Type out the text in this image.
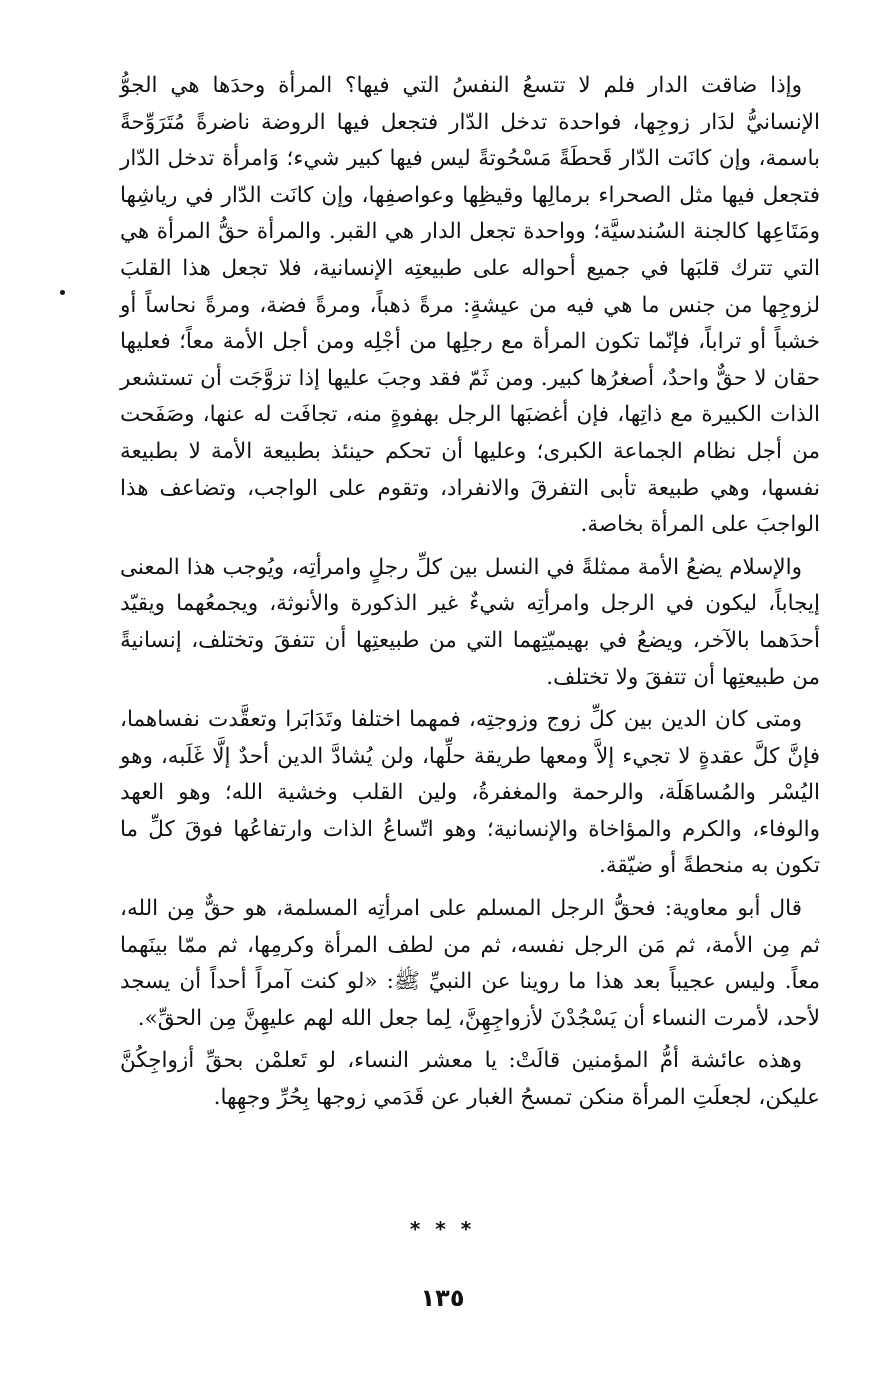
وإذا ضاقت الدار فلم لا تتسعُ النفسُ التي فيها؟ المرأة وحدَها هي الجوُّ الإنسانيُّ لدَار زوجِها، فواحدة تدخل الدّار فتجعل فيها الروضة ناضرةً مُتَرَوِّحةً باسمة، وإن كانَت الدّار قَحطَةً مَسْحُوتةً ليس فيها كبير شيء؛ وَامرأة تدخل الدّار فتجعل فيها مثل الصحراء برمالِها وقيظِها وعواصفِها، وإن كانَت الدّار في رياشِها ومَتَاعِها كالجنة السُندسيَّة؛ وواحدة تجعل الدار هي القبر. والمرأة حقُّ المرأة هي التي تترك قلبَها في جميع أحواله على طبيعتِه الإنسانية، فلا تجعل هذا القلبَ لزوجِها من جنس ما هي فيه من عيشةٍ: مرةً ذهباً، ومرةً فضة، ومرةً نحاساً أو خشباً أو تراباً، فإنّما تكون المرأة مع رجلِها من أجْلِه ومن أجل الأمة معاً؛ فعليها حقان لا حقٌّ واحدٌ، أصغرُها كبير. ومن ثَمّ فقد وجبَ عليها إذا تزوَّجَت أن تستشعر الذات الكبيرة مع ذاتِها، فإن أغضبَها الرجل بهفوةٍ منه، تجافَت له عنها، وصَفَحت من أجل نظام الجماعة الكبرى؛ وعليها أن تحكم حينئذ بطبيعة الأمة لا بطبيعة نفسها، وهي طبيعة تأبى التفرقَ والانفراد، وتقوم على الواجب، وتضاعف هذا الواجبَ على المرأة بخاصة.

والإسلام يضعُ الأمة ممثلةً في النسل بين كلِّ رجلٍ وامرأتِه، ويُوجب هذا المعنى إيجاباً، ليكون في الرجل وامرأتِه شيءٌ غير الذكورة والأنوثة، ويجمعُهما ويقيّد أحدَهما بالآخر، ويضعُ في بهيميّتِهما التي من طبيعتِها أن تتفقَ وتختلف، إنسانيةً من طبيعتِها أن تتفقَ ولا تختلف.

ومتى كان الدين بين كلِّ زوج وزوجتِه، فمهما اختلفا وتَدَابَرا وتعقَّدت نفساهما، فإنَّ كلَّ عقدةٍ لا تجيء إلاَّ ومعها طريقة حلِّها، ولن يُشادَّ الدين أحدٌ إلَّا غَلَبه، وهو اليُسْر والمُساهَلَة، والرحمة والمغفرةُ، ولين القلب وخشية الله؛ وهو العهد والوفاء، والكرم والمؤاخاة والإنسانية؛ وهو اتّساعُ الذات وارتفاعُها فوقَ كلِّ ما تكون به منحطةً أو ضيّقة.

قال أبو معاوية: فحقُّ الرجل المسلم على امرأتِه المسلمة، هو حقٌّ مِن الله، ثم مِن الأمة، ثم مَن الرجل نفسه، ثم من لطف المرأة وكرمِها، ثم ممّا بينَهما معاً. وليس عجيباً بعد هذا ما روينا عن النبيِّ ﷺ: «لو كنت آمراً أحداً أن يسجد لأحد، لأمرت النساء أن يَسْجُدْنَ لأزواجِهِنَّ، لِما جعل الله لهم عليهِنَّ مِن الحقِّ».

وهذه عائشة أمُّ المؤمنين قالَتْ: يا معشر النساء، لو تَعلمْن بحقِّ أزواجِكُنَّ عليكن، لجعلَتِ المرأة منكن تمسحُ الغبار عن قَدَمي زوجها بِحُرِّ وجهِها.

* * *
١٣٥
